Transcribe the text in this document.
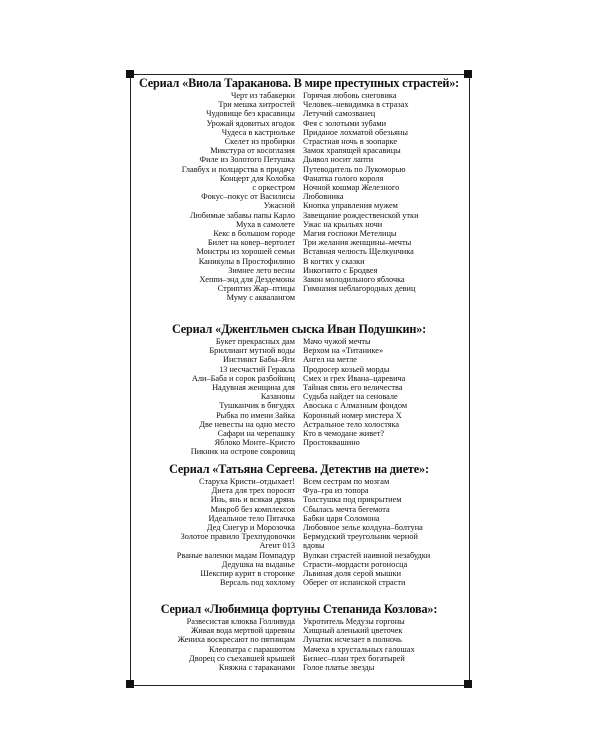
Сериал «Виола Тараканова. В мире преступных страстей»:
Черт из табакерки
Три мешка хитростей
Чудовище без красавицы
Урожай ядовитых ягодок
Чудеса в кастрюльке
Скелет из пробирки
Микстура от косоглазия
Филе из Золотого Петушка
Главбух и полцарства в придачу
Концерт для Колобка
с оркестром
Фокус–покус от Василисы
Ужасной
Любимые забавы папы Карло
Муха в самолете
Кекс в большом городе
Билет на ковер–вертолет
Монстры из хорошей семьи
Каникулы в Простофилино
Зимнее лето весны
Хеппи–энд для Дездемоны
Стриптиз Жар–птицы
Муму с аквалангом
Горячая любовь снеговика
Человек–невидимка в стразах
Летучий самозванец
Фея с золотыми зубами
Приданое лохматой обезьяны
Страстная ночь в зоопарке
Замок храпящей красавицы
Дьявол носит лапти
Путеводитель по Лукоморью
Фанатка голого короля
Ночной кошмар Железного
Любовника
Кнопка управления мужем
Завещание рождественской утки
Ужас на крыльях ночи
Магия госпожи Метелицы
Три желания женщины–мечты
Вставная челюсть Щелкунчика
В когтях у сказки
Инкогнито с Бродвея
Закон молодильного яблочка
Гимназия неблагородных девиц
Сериал «Джентльмен сыска Иван Подушкин»:
Букет прекрасных дам
Бриллиант мутной воды
Инстинкт Бабы–Яги
13 несчастий Геракла
Али–Баба и сорок разбойниц
Надувная женщина для
Казановы
Тушканчик в бигудях
Рыбка по имени Зайка
Две невесты на одно место
Сафари на черепашку
Яблоко Монте–Кристо
Пикник на острове сокровищ
Мачо чужой мечты
Верхом на «Титанике»
Ангел на метле
Продюсер козьей морды
Смех и грех Ивана–царевича
Тайная связь его величества
Судьба найдет на сеновале
Авоська с Алмазным фондом
Коронный номер мистера Х
Астральное тело холостяка
Кто в чемодане живет?
Простоквашино
Сериал «Татьяна Сергеева. Детектив на диете»:
Старуха Кристи–отдыхает!
Диета для трех поросят
Инь, янь и всякая дрянь
Микроб без комплексов
Идеальное тело Пятачка
Дед Снегур и Морозочка
Золотое правило Трехпудовочки
Агент 013
Рваные валенки мадам Помпадур
Дедушка на выданье
Шекспир курит в сторонке
Версаль под хохлому
Всем сестрам по мозгам
Фуа–гра из топора
Толстушка под прикрытием
Сбылась мечта бегемота
Бабки царя Соломона
Любовное зелье колдуна–болтуна
Бермудский треугольник черной
вдовы
Вулкан страстей наивной незабудки
Страсти–мордасти рогоносца
Львиная доля серой мышки
Оберег от испанской страсти
Сериал «Любимица фортуны Степанида Козлова»:
Развесистая клюква Голливуда
Живая вода мертвой царевны
Жениха воскресают по пятницам
Клеопатра с парашютом
Дворец со съехавшей крышей
Княжна с тараканами
Укротитель Медузы горгоны
Хищный аленький цветочек
Лунатик исчезает в полночь
Мачеха в хрустальных галошах
Бизнес–план трех богатырей
Голое платье звезды
